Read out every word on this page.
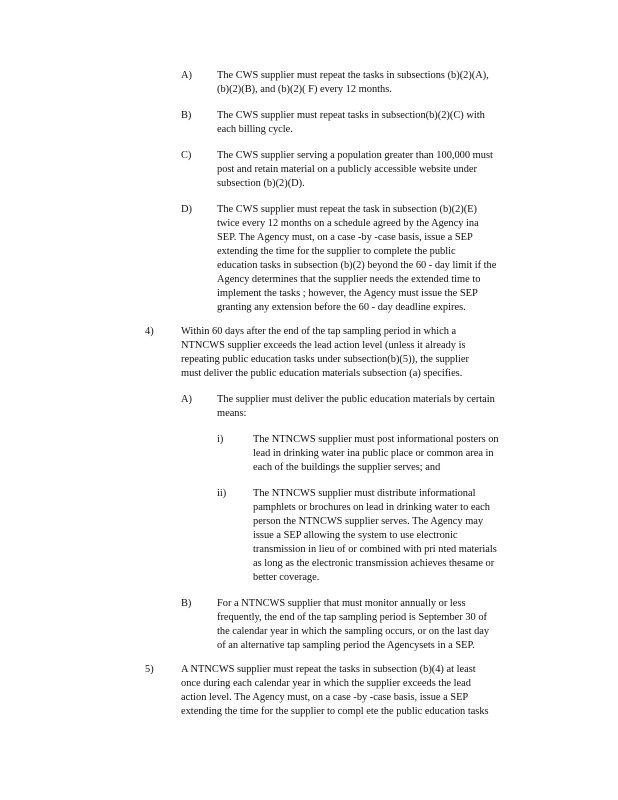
A) The CWS supplier must repeat the tasks in subsections (b)(2)(A),
(b)(2)(B), and (b)(2)( F) every 12 months.
B) The CWS supplier must repeat tasks in subsection(b)(2)(C) with
each billing cycle.
C) The CWS supplier serving a population greater than 100,000 must
post and retain material on a publicly accessible website under
subsection (b)(2)(D).
D) The CWS supplier must repeat the task in subsection (b)(2)(E)
twice every 12 months on a schedule agreed by the Agency ina
SEP. The Agency must, on a case -by -case basis, issue a SEP
extending the time for the supplier to complete the public
education tasks in subsection (b)(2) beyond the 60 - day limit if the
Agency determines that the supplier needs the extended time to
implement the tasks ; however, the Agency must issue the SEP
granting any extension before the 60 - day deadline expires.
4)	Within 60 days after the end of the tap sampling period in which a
NTNCWS supplier exceeds the lead action level (unless it already is
repeating public education tasks under subsection(b)(5)), the supplier
must deliver the public education materials subsection (a) specifies.
A) The supplier must deliver the public education materials by certain
means:
i)	The NTNCWS supplier must post informational posters on
lead in drinking water ina public place or common area in
each of the buildings the supplier serves; and
ii)	The NTNCWS supplier must distribute informational
pamphlets or brochures on lead in drinking water to each
person the NTNCWS supplier serves. The Agency may
issue a SEP allowing the system to use electronic
transmission in lieu of or combined with pri nted materials
as long as the electronic transmission achieves thesame or
better coverage.
B) For a NTNCWS supplier that must monitor annually or less
frequently, the end of the tap sampling period is September 30 of
the calendar year in which the sampling occurs, or on the last day
of an alternative tap sampling period the Agencysets in a SEP.
5)	A NTNCWS supplier must repeat the tasks in subsection (b)(4) at least
once during each calendar year in which the supplier exceeds the lead
action level. The Agency must, on a case -by -case basis, issue a SEP
extending the time for the supplier to compl ete the public education tasks
